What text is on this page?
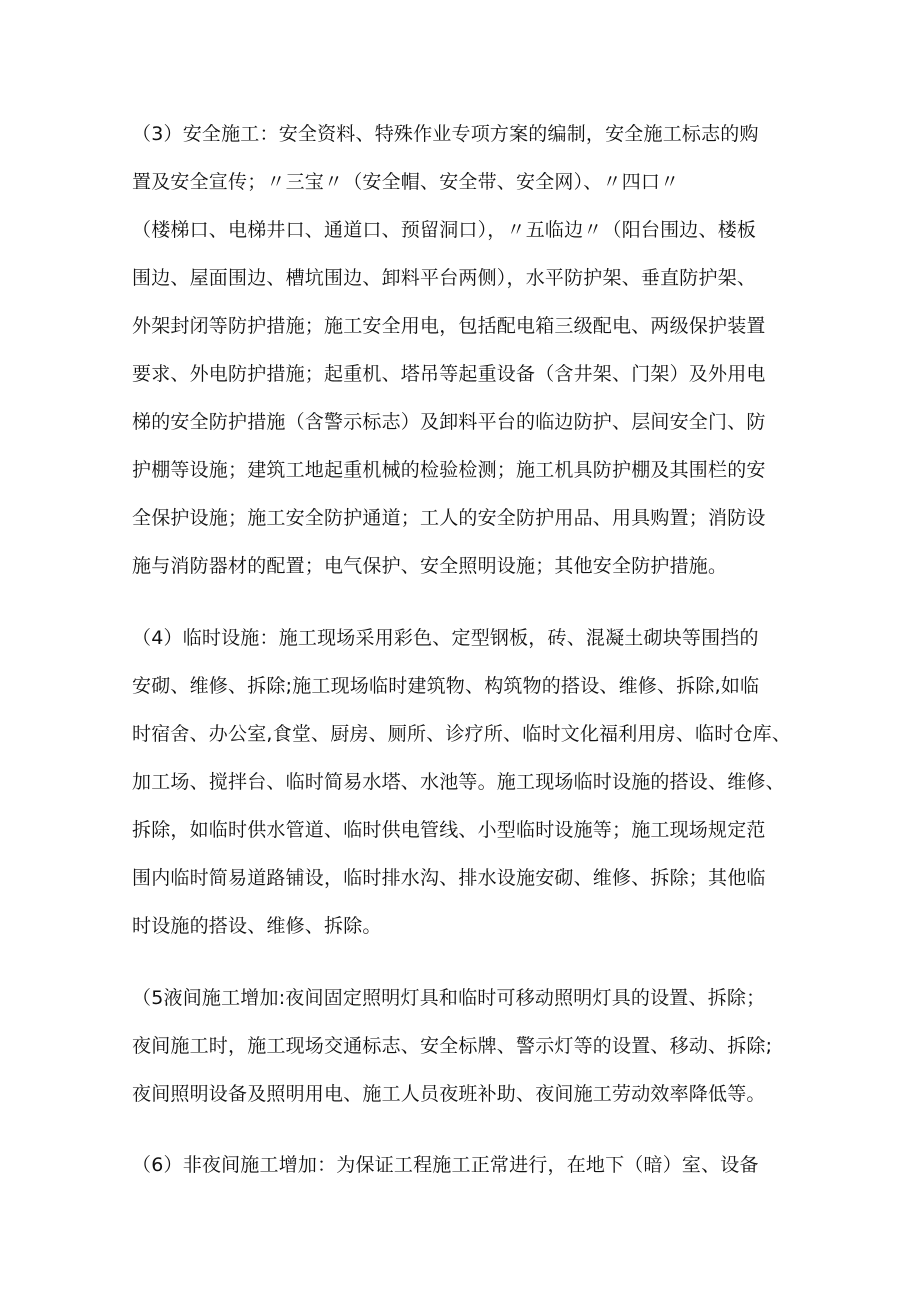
（3）安全施工：安全资料、特殊作业专项方案的编制，安全施工标志的购
置及安全宣传；〃三宝〃（安全帽、安全带、安全网）、〃四口〃
（楼梯口、电梯井口、通道口、预留洞口），〃五临边〃（阳台围边、楼板
围边、屋面围边、槽坑围边、卸料平台两侧），水平防护架、垂直防护架、
外架封闭等防护措施；施工安全用电，包括配电箱三级配电、两级保护装置
要求、外电防护措施；起重机、塔吊等起重设备（含井架、门架）及外用电
梯的安全防护措施（含警示标志）及卸料平台的临边防护、层间安全门、防
护棚等设施；建筑工地起重机械的检验检测；施工机具防护棚及其围栏的安
全保护设施；施工安全防护通道；工人的安全防护用品、用具购置；消防设
施与消防器材的配置；电气保护、安全照明设施；其他安全防护措施。
（4）临时设施：施工现场采用彩色、定型钢板，砖、混凝土砌块等围挡的
安砌、维修、拆除;施工现场临时建筑物、构筑物的搭设、维修、拆除,如临
时宿舍、办公室,食堂、厨房、厕所、诊疗所、临时文化福利用房、临时仓库、
加工场、搅拌台、临时简易水塔、水池等。施工现场临时设施的搭设、维修、
拆除，如临时供水管道、临时供电管线、小型临时设施等；施工现场规定范
围内临时简易道路铺设，临时排水沟、排水设施安砌、维修、拆除；其他临
时设施的搭设、维修、拆除。
（5液间施工增加:夜间固定照明灯具和临时可移动照明灯具的设置、拆除；
夜间施工时，施工现场交通标志、安全标牌、警示灯等的设置、移动、拆除;
夜间照明设备及照明用电、施工人员夜班补助、夜间施工劳动效率降低等。
（6）非夜间施工增加：为保证工程施工正常进行，在地下（暗）室、设备
